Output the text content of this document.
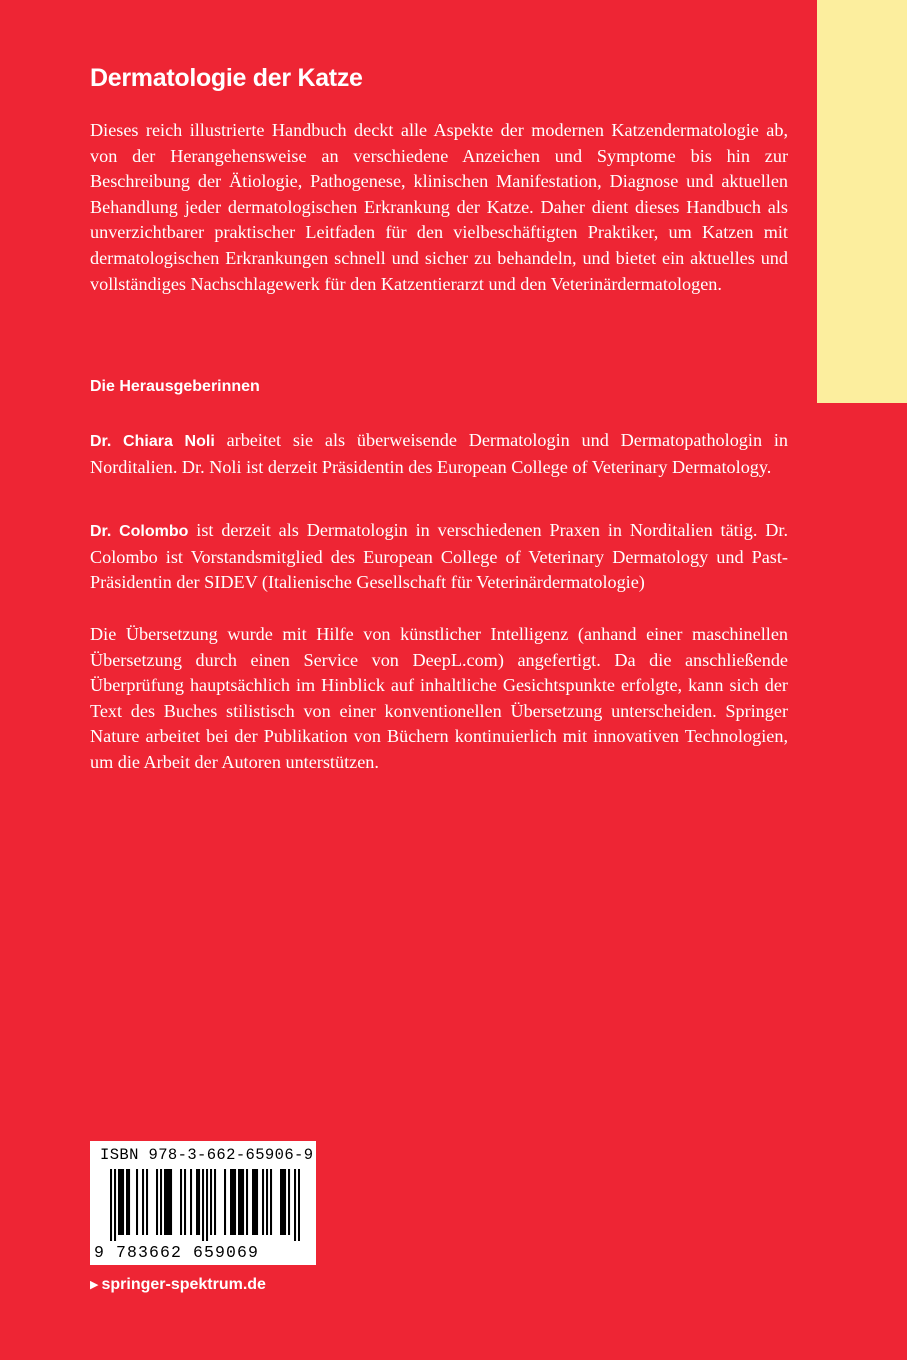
Dermatologie der Katze

Dieses reich illustrierte Handbuch deckt alle Aspekte der modernen Katzendermatologie ab, von der Herangehensweise an verschiedene Anzeichen und Symptome bis hin zur Beschreibung der Ätiologie, Pathogenese, klinischen Manifestation, Diagnose und aktuellen Behandlung jeder dermatologischen Erkrankung der Katze. Daher dient dieses Handbuch als unverzichtbarer praktischer Leitfaden für den vielbeschäftigten Praktiker, um Katzen mit dermatologischen Erkrankungen schnell und sicher zu behandeln, und bietet ein aktuelles und vollständiges Nachschlagewerk für den Katzentierarzt und den Veterinärdermatologen.

Die Herausgeberinnen

Dr. Chiara Noli arbeitet sie als überweisende Dermatologin und Dermatopathologin in Norditalien. Dr. Noli ist derzeit Präsidentin des European College of Veterinary Dermatology.

Dr. Colombo ist derzeit als Dermatologin in verschiedenen Praxen in Norditalien tätig. Dr. Colombo ist Vorstandsmitglied des European College of Veterinary Dermatology und Past-Präsidentin der SIDEV (Italienische Gesellschaft für Veterinärdermatologie)

Die Übersetzung wurde mit Hilfe von künstlicher Intelligenz (anhand einer maschinellen Übersetzung durch einen Service von DeepL.com) angefertigt. Da die anschließende Überprüfung hauptsächlich im Hinblick auf inhaltliche Gesichtspunkte erfolgte, kann sich der Text des Buches stilistisch von einer konventionellen Übersetzung unterscheiden. Springer Nature arbeitet bei der Publikation von Büchern kontinuierlich mit innovativen Technologien, um die Arbeit der Autoren unterstützen.

ISBN 978-3-662-65906-9
9 783662 659069
▶ springer-spektrum.de
